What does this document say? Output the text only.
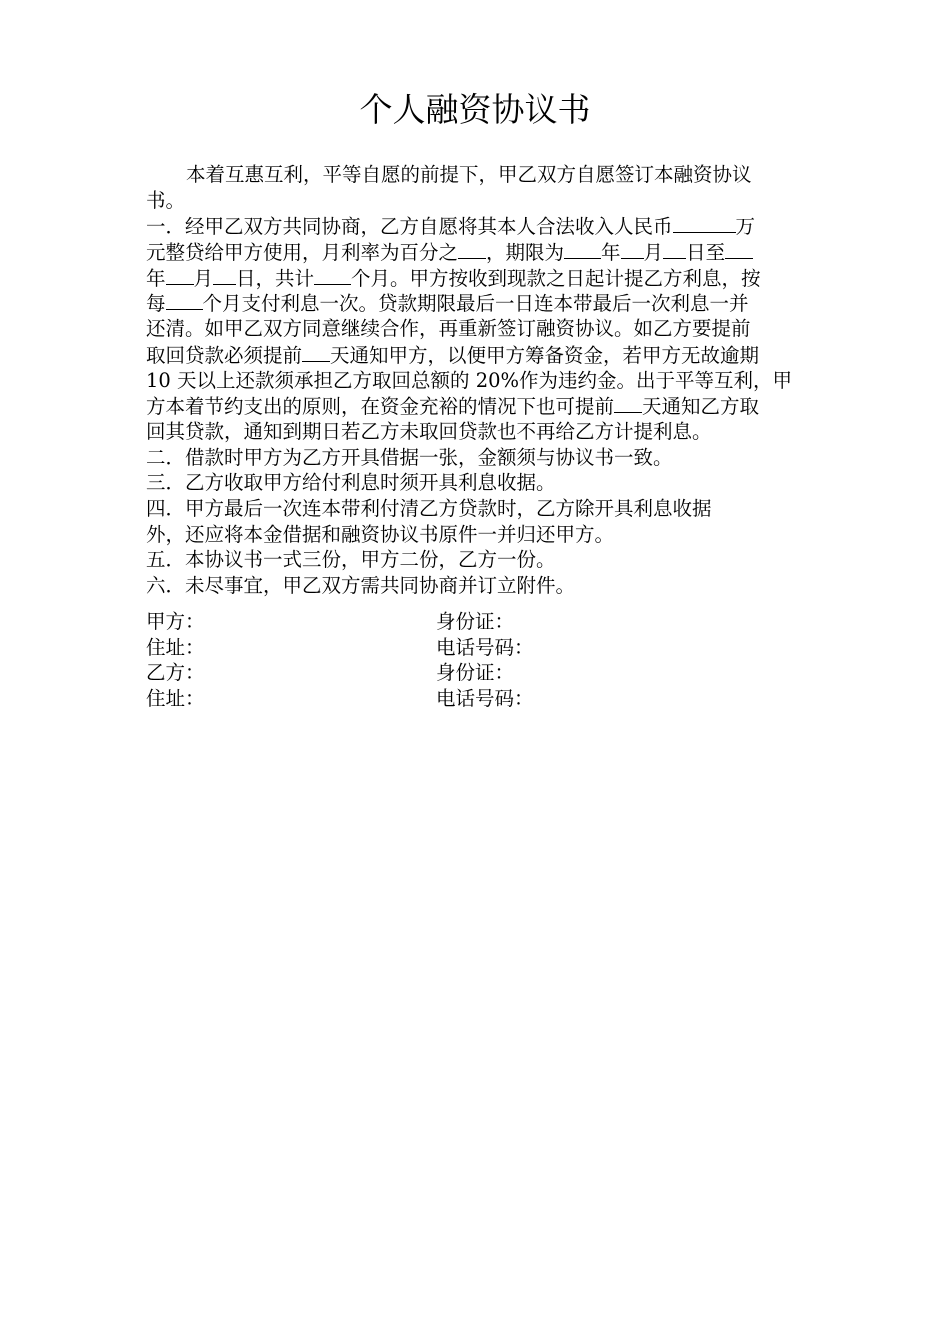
个人融资协议书
本着互惠互利，平等自愿的前提下，甲乙双方自愿签订本融资协议
书。
一．经甲乙双方共同协商，乙方自愿将其本人合法收入人民币	万
元整贷给甲方使用，月利率为百分之 ，期限为 年 月 日至
年 月 日，共计 个月。甲方按收到现款之日起计提乙方利息，按
每 个月支付利息一次。贷款期限最后一日连本带最后一次利息一并
还清。如甲乙双方同意继续合作，再重新签订融资协议。如乙方要提前
取回贷款必须提前 天通知甲方，以便甲方筹备资金，若甲方无故逾期
10 天以上还款须承担乙方取回总额的 20%作为违约金。出于平等互利，甲
方本着节约支出的原则，在资金充裕的情况下也可提前 天通知乙方取
回其贷款，通知到期日若乙方未取回贷款也不再给乙方计提利息。
二．借款时甲方为乙方开具借据一张，金额须与协议书一致。
三．乙方收取甲方给付利息时须开具利息收据。
四．甲方最后一次连本带利付清乙方贷款时，乙方除开具利息收据
外，还应将本金借据和融资协议书原件一并归还甲方。
五．本协议书一式三份，甲方二份，乙方一份。
六．未尽事宜，甲乙双方需共同协商并订立附件。
甲方：	身份证：
住址：	电话号码：
乙方：	身份证：
住址：	电话号码：
